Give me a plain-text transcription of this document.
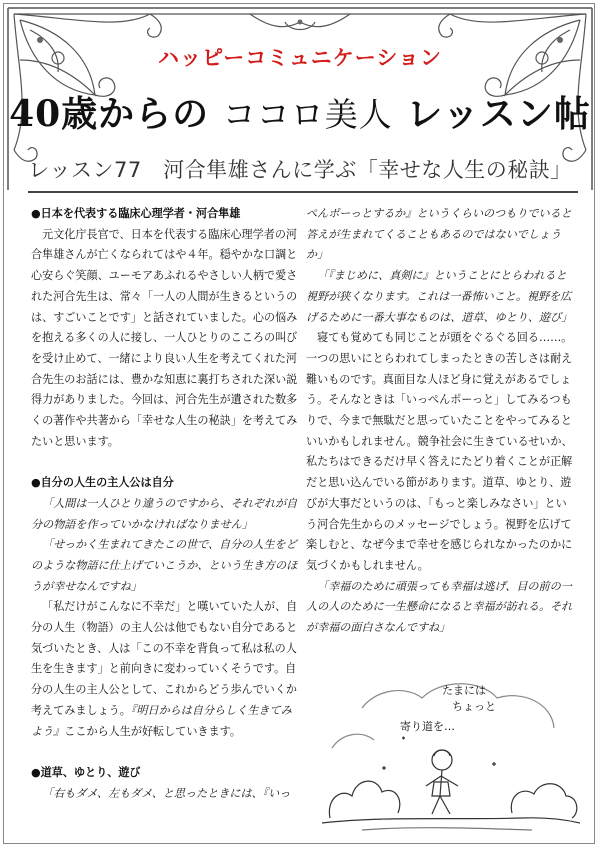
ハッピーコミュニケーション
40歳からの ココロ美人 レッスン帖
レッスン77　河合隼雄さんに学ぶ「幸せな人生の秘訣」

●日本を代表する臨床心理学者・河合隼雄

元文化庁長官で、日本を代表する臨床心理学者の河合隼雄さんが亡くなられてはや４年。穏やかな口調と心安らぐ笑顔、ユーモアあふれるやさしい人柄で愛された河合先生は、常々「一人の人間が生きるというのは、すごいことです」と話されていました。心の悩みを抱える多くの人に接し、一人ひとりのこころの叫びを受け止めて、一緒により良い人生を考えてくれた河合先生のお話には、豊かな知恵に裏打ちされた深い説得力がありました。今回は、河合先生が遺された数多くの著作や共著から「幸せな人生の秘訣」を考えてみたいと思います。

●自分の人生の主人公は自分

「人間は一人ひとり違うのですから、それぞれが自分の物語を作っていかなければなりません」

「せっかく生まれてきたこの世で、自分の人生をどのような物語に仕上げていこうか、という生き方のほうが幸せなんですね」

「私だけがこんなに不幸だ」と嘆いていた人が、自分の人生（物語）の主人公は他でもない自分であると気づいたとき、人は「この不幸を背負って私は私の人生を生きます」と前向きに変わっていくそうです。自分の人生の主人公として、これからどう歩んでいくか考えてみましょう。『明日からは自分らしく生きてみよう』ここから人生が好転していきます。

●道草、ゆとり、遊び

「右もダメ、左もダメ、と思ったときには、『いっ

ぺんポーっとするか』というくらいのつもりでいると答えが生まれてくることもあるのではないでしょうか」

「『まじめに、真剣に』ということにとらわれると視野が狭くなります。これは一番怖いこと。視野を広げるために一番大事なものは、道草、ゆとり、遊び」

寝ても覚めても同じことが頭をぐるぐる回る……。一つの思いにとらわれてしまったときの苦しさは耐え難いものです。真面目な人ほど身に覚えがあるでしょう。そんなときは「いっぺんポーっと」してみるつもりで、今まで無駄だと思っていたことをやってみるといいかもしれません。競争社会に生きているせいか、私たちはできるだけ早く答えにたどり着くことが正解だと思い込んでいる節があります。道草、ゆとり、遊びが大事だというのは、「もっと楽しみなさい」という河合先生からのメッセージでしょう。視野を広げて楽しむと、なぜ今まで幸せを感じられなかったのかに気づくかもしれません。

「幸福のために頑張っても幸福は逃げ、目の前の一人の人のために一生懸命になると幸福が訪れる。それが幸福の面白さなんですね」

たまには
ちょっと
寄り道を…
